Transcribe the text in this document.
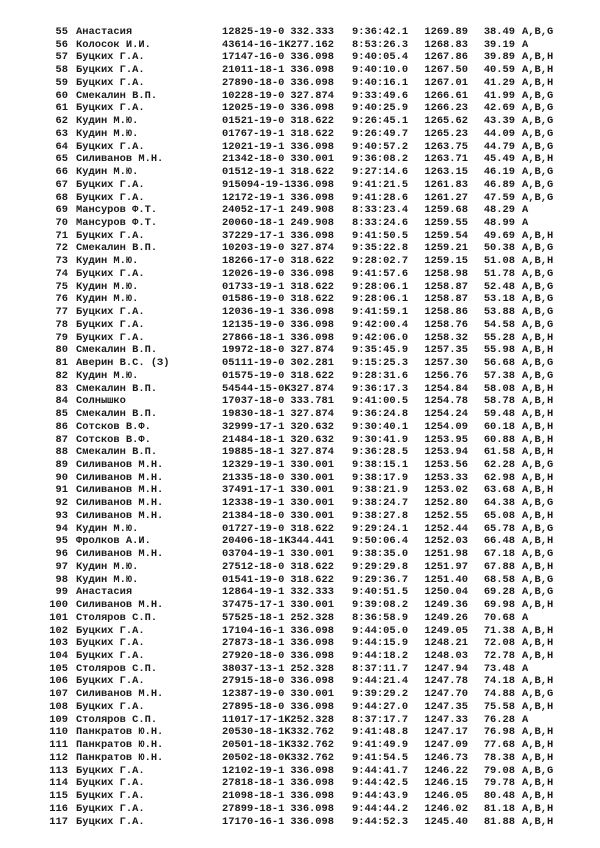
55 Анастасия	12825-19-0 332.333 9:36:42.1	1269.89 38.49 A,B,G
56 Колосок И.И.	43614-16-1K 277.162 8:53:26.3	1268.83 39.19 A
57 Буцких Г.А.	17147-16-0 336.098 9:40:05.4	1267.86 39.89 A,B,H
58 Буцких Г.А.	21011-18-1 336.098 9:40:10.0	1267.50 40.59 A,B,H
59 Буцких Г.А.	27890-18-0 336.098 9:40:16.1	1267.01 41.29 A,B,H
60 Смекалин В.П.	10228-19-0 327.874 9:33:49.6	1266.61 41.99 A,B,G
61 Буцких Г.А.	12025-19-0 336.098 9:40:25.9	1266.23 42.69 A,B,G
62 Кудин М.Ю.	01521-19-0 318.622 9:26:45.1	1265.62 43.39 A,B,G
63 Кудин М.Ю.	01767-19-1 318.622 9:26:49.7	1265.23 44.09 A,B,G
64 Буцких Г.А.	12021-19-1 336.098 9:40:57.2	1263.75 44.79 A,B,G
65 Силиванов М.Н.	21342-18-0 330.001 9:36:08.2	1263.71 45.49 A,B,H
66 Кудин М.Ю.	01512-19-1 318.622 9:27:14.6	1263.15 46.19 A,B,G
67 Буцких Г.А.	915094-19-1 336.098 9:41:21.5	1261.83 46.89 A,B,G
68 Буцких Г.А.	12172-19-1 336.098 9:41:28.6	1261.27 47.59 A,B,G
69 Мансуров Ф.Т.	24052-17-1 249.908 8:33:23.4	1259.68 48.29 A
70 Мансуров Ф.Т.	20060-18-1 249.908 8:33:24.6	1259.55 48.99 A
71 Буцких Г.А.	37229-17-1 336.098 9:41:50.5	1259.54 49.69 A,B,H
72 Смекалин В.П.	10203-19-0 327.874 9:35:22.8	1259.21 50.38 A,B,G
73 Кудин М.Ю.	18266-17-0 318.622 9:28:02.7	1259.15 51.08 A,B,H
74 Буцких Г.А.	12026-19-0 336.098 9:41:57.6	1258.98 51.78 A,B,G
75 Кудин М.Ю.	01733-19-1 318.622 9:28:06.1	1258.87 52.48 A,B,G
76 Кудин М.Ю.	01586-19-0 318.622 9:28:06.1	1258.87 53.18 A,B,G
77 Буцких Г.А.	12036-19-1 336.098 9:41:59.1	1258.86 53.88 A,B,G
78 Буцких Г.А.	12135-19-0 336.098 9:42:00.4	1258.76 54.58 A,B,G
79 Буцких Г.А.	27866-18-1 336.098 9:42:06.0	1258.32 55.28 A,B,H
80 Смекалин В.П.	19972-18-0 327.874 9:35:45.9	1257.35 55.98 A,B,H
81 Аверин В.С. (З)	05111-19-0 302.281 9:15:25.3	1257.30 56.68 A,B,G
82 Кудин М.Ю.	01575-19-0 318.622 9:28:31.6	1256.76 57.38 A,B,G
83 Смекалин В.П.	54544-15-0K 327.874 9:36:17.3	1254.84 58.08 A,B,H
84 Солнышко	17037-18-0 333.781 9:41:00.5	1254.78 58.78 A,B,H
85 Смекалин В.П.	19830-18-1 327.874 9:36:24.8	1254.24 59.48 A,B,H
86 Сотсков В.Ф.	32999-17-1 320.632 9:30:40.1	1254.09 60.18 A,B,H
87 Сотсков В.Ф.	21484-18-1 320.632 9:30:41.9	1253.95 60.88 A,B,H
88 Смекалин В.П.	19885-18-1 327.874 9:36:28.5	1253.94 61.58 A,B,H
89 Силиванов М.Н.	12329-19-1 330.001 9:38:15.1	1253.56 62.28 A,B,G
90 Силиванов М.Н.	21335-18-0 330.001 9:38:17.9	1253.33 62.98 A,B,H
91 Силиванов М.Н.	37491-17-1 330.001 9:38:21.9	1253.02 63.68 A,B,H
92 Силиванов М.Н.	12338-19-1 330.001 9:38:24.7	1252.80 64.38 A,B,G
93 Силиванов М.Н.	21384-18-0 330.001 9:38:27.8	1252.55 65.08 A,B,H
94 Кудин М.Ю.	01727-19-0 318.622 9:29:24.1	1252.44 65.78 A,B,G
95 Фролков А.И.	20406-18-1K 344.441 9:50:06.4	1252.03 66.48 A,B,H
96 Силиванов М.Н.	03704-19-1 330.001 9:38:35.0	1251.98 67.18 A,B,G
97 Кудин М.Ю.	27512-18-0 318.622 9:29:29.8	1251.97 67.88 A,B,H
98 Кудин М.Ю.	01541-19-0 318.622 9:29:36.7	1251.40 68.58 A,B,G
99 Анастасия	12864-19-1 332.333 9:40:51.5	1250.04 69.28 A,B,G
100 Силиванов М.Н.	37475-17-1 330.001 9:39:08.2	1249.36 69.98 A,B,H
101 Столяров С.П.	57525-18-1 252.328 8:36:58.9	1249.26 70.68 A
102 Буцких Г.А.	17104-16-1 336.098 9:44:05.0	1249.05 71.38 A,B,H
103 Буцких Г.А.	27873-18-1 336.098 9:44:15.9	1248.21 72.08 A,B,H
104 Буцких Г.А.	27920-18-0 336.098 9:44:18.2	1248.03 72.78 A,B,H
105 Столяров С.П.	38037-13-1 252.328 8:37:11.7	1247.94 73.48 A
106 Буцких Г.А.	27915-18-0 336.098 9:44:21.4	1247.78 74.18 A,B,H
107 Силиванов М.Н.	12387-19-0 330.001 9:39:29.2	1247.70 74.88 A,B,G
108 Буцких Г.А.	27895-18-0 336.098 9:44:27.0	1247.35 75.58 A,B,H
109 Столяров С.П.	11017-17-1K 252.328 8:37:17.7	1247.33 76.28 A
110 Панкратов Ю.Н.	20530-18-1K 332.762 9:41:48.8	1247.17 76.98 A,B,H
111 Панкратов Ю.Н.	20501-18-1K 332.762 9:41:49.9	1247.09 77.68 A,B,H
112 Панкратов Ю.Н.	20502-18-0K 332.762 9:41:54.5	1246.73 78.38 A,B,H
113 Буцких Г.А.	12102-19-1 336.098 9:44:41.7	1246.22 79.08 A,B,G
114 Буцких Г.А.	27818-18-1 336.098 9:44:42.5	1246.15 79.78 A,B,H
115 Буцких Г.А.	21098-18-1 336.098 9:44:43.9	1246.05 80.48 A,B,H
116 Буцких Г.А.	27899-18-1 336.098 9:44:44.2	1246.02 81.18 A,B,H
117 Буцких Г.А.	17170-16-1 336.098 9:44:52.3	1245.40 81.88 A,B,H
